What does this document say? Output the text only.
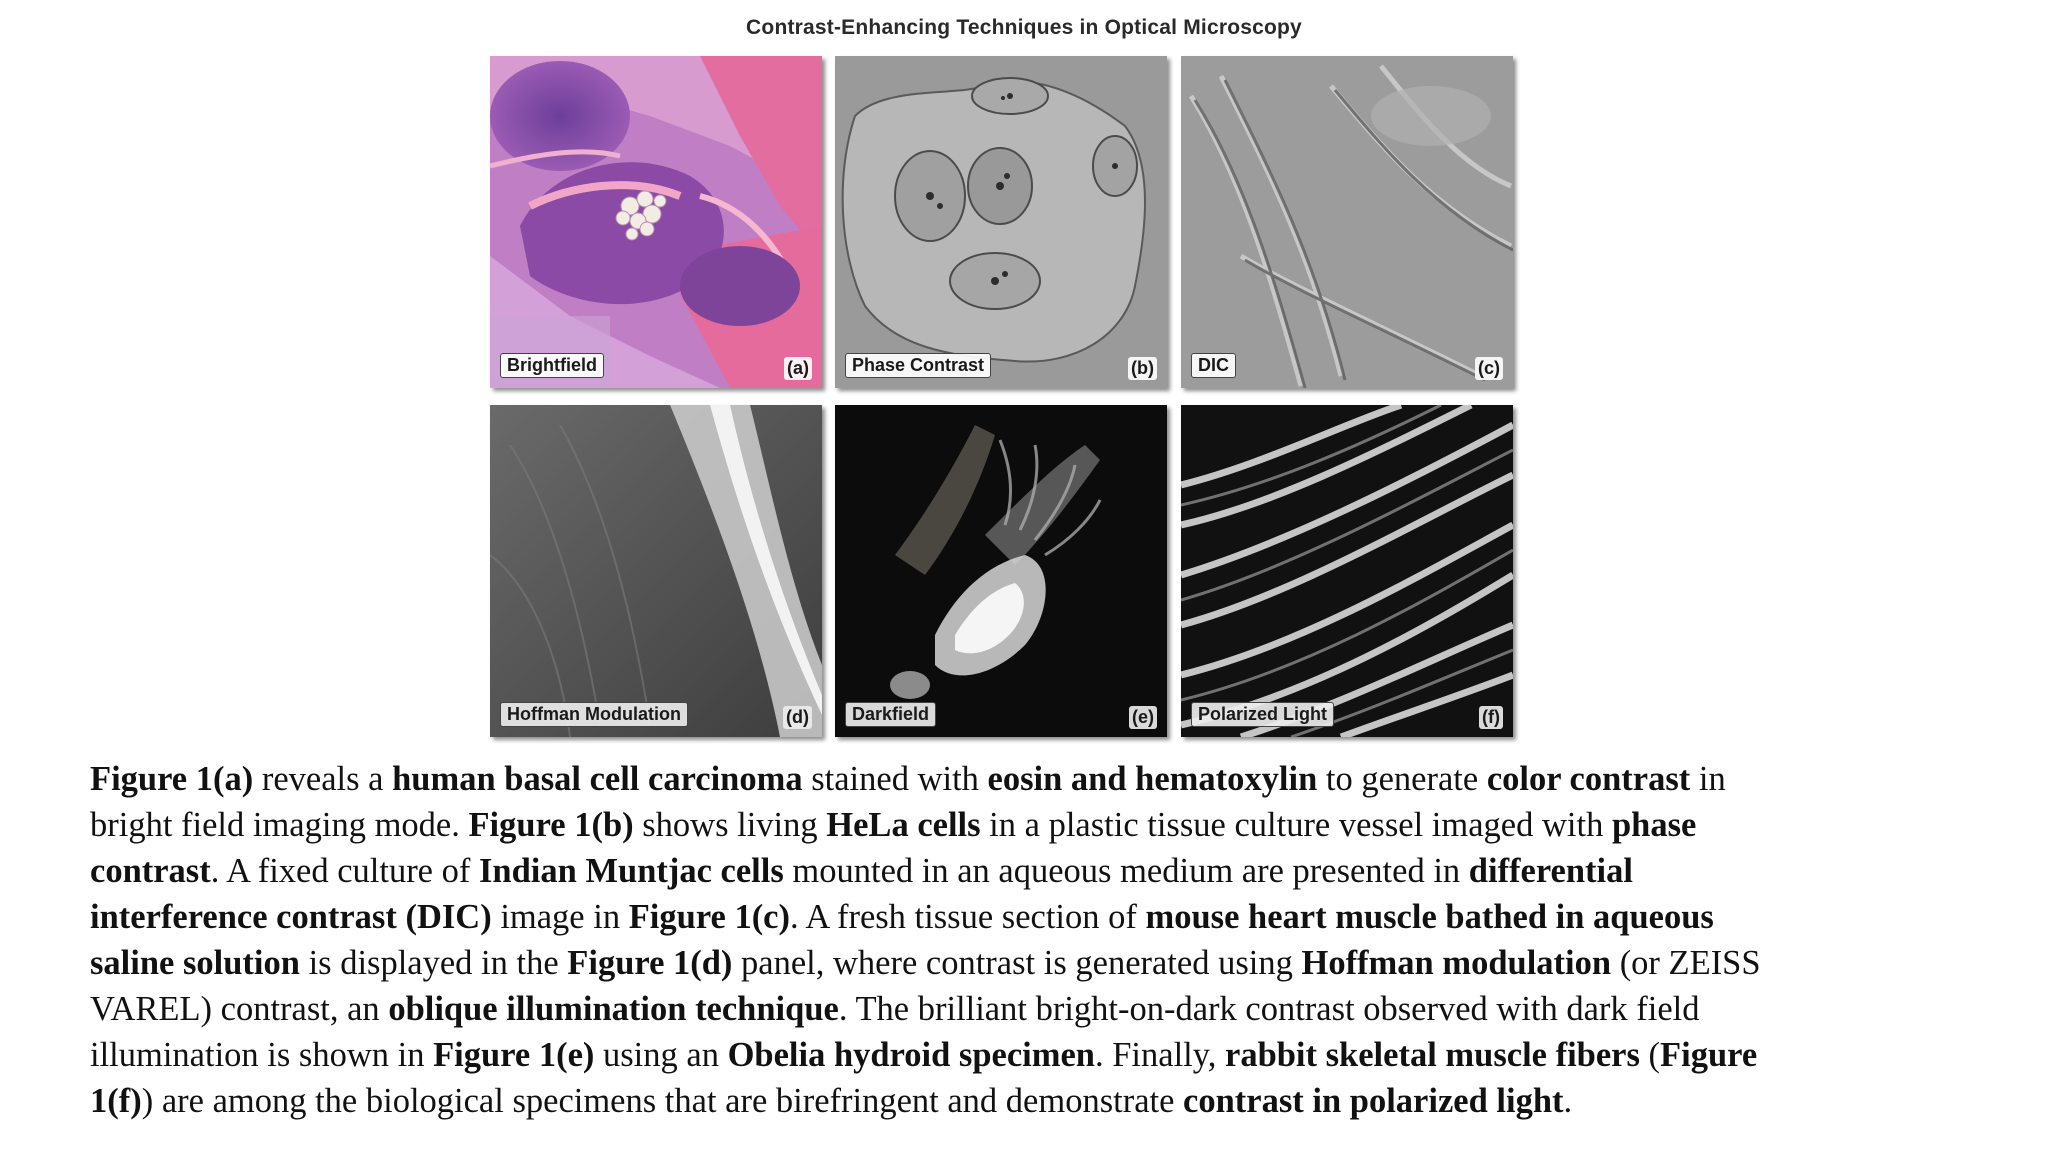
Contrast-Enhancing Techniques in Optical Microscopy
Brightfield	(a)	Phase Contrast	(b)	DIC	(c)
Hoffman Modulation	(d)	Darkfield	(e)	Polarized Light	(f)
Figure 1(a) reveals a human basal cell carcinoma stained with eosin and hematoxylin to generate color contrast in
bright field imaging mode. Figure 1(b) shows living HeLa cells in a plastic tissue culture vessel imaged with phase
contrast. A fixed culture of Indian Muntjac cells mounted in an aqueous medium are presented in differential
interference contrast (DIC) image in Figure 1(c). A fresh tissue section of mouse heart muscle bathed in aqueous
saline solution is displayed in the Figure 1(d) panel, where contrast is generated using Hoffman modulation (or ZEISS
VAREL) contrast, an oblique illumination technique. The brilliant bright-on-dark contrast observed with dark field
illumination is shown in Figure 1(e) using an Obelia hydroid specimen. Finally, rabbit skeletal muscle fibers (Figure
1(f)) are among the biological specimens that are birefringent and demonstrate contrast in polarized light.
